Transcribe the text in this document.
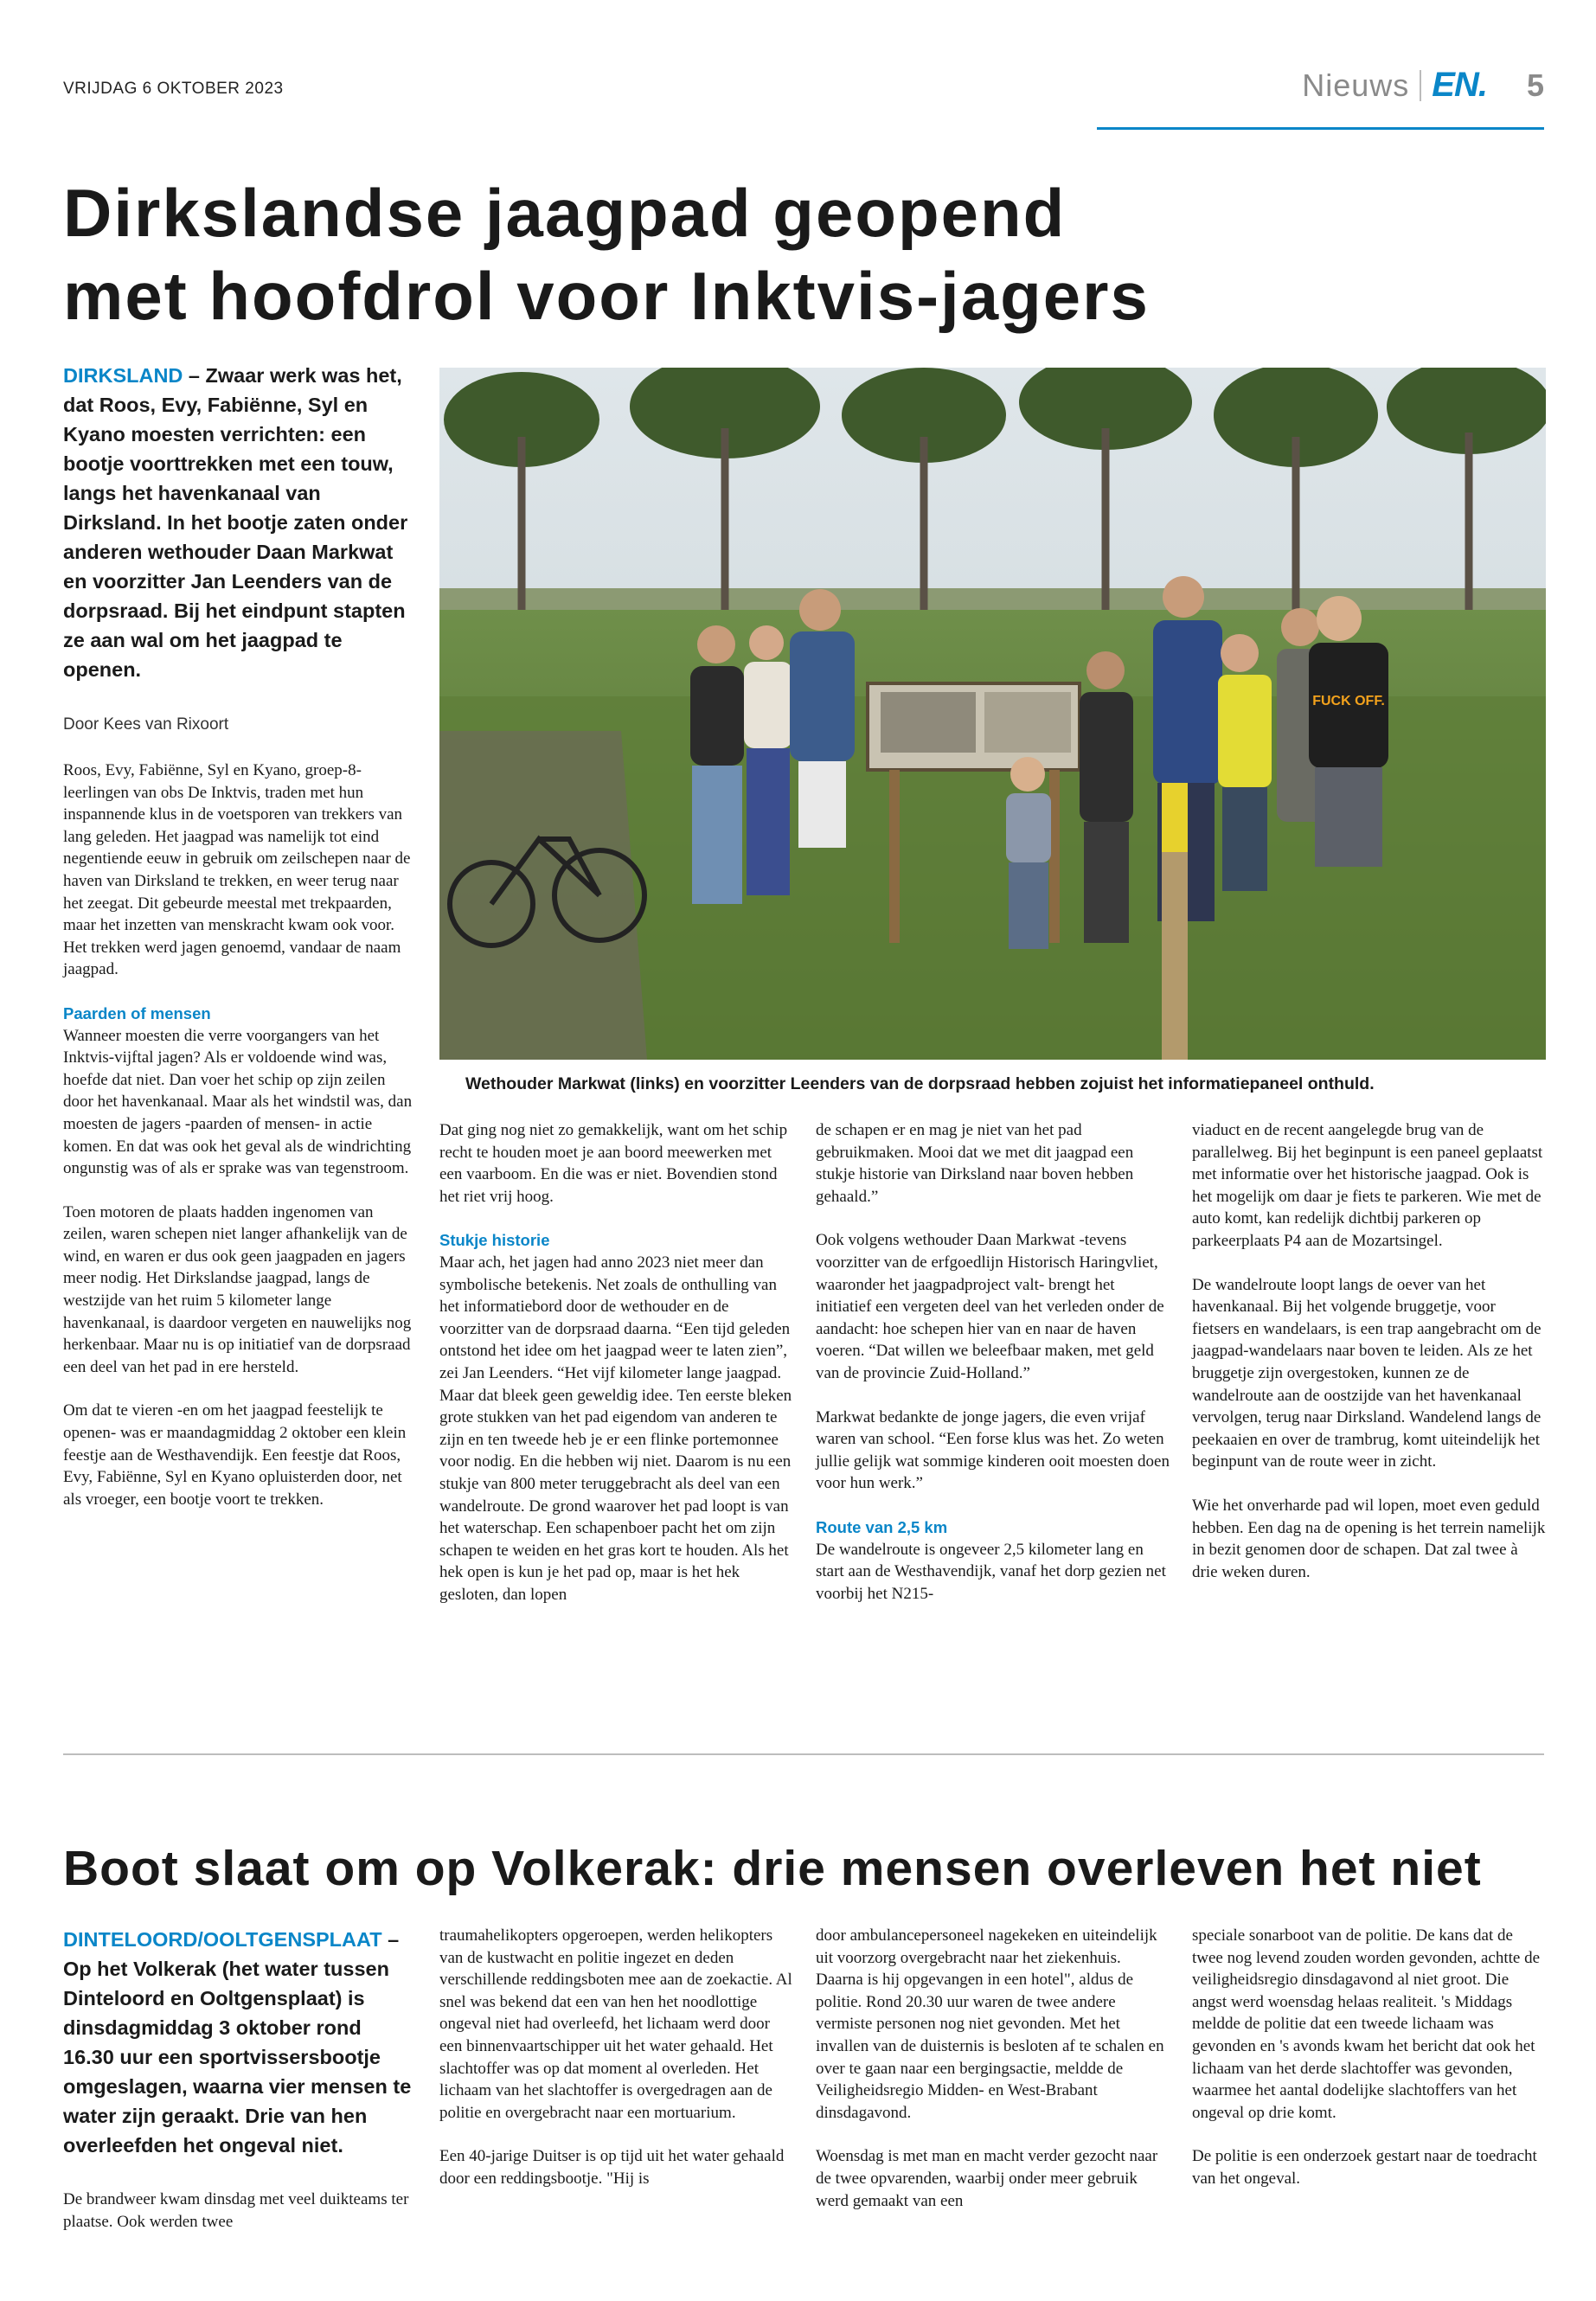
VRIJDAG 6 OKTOBER 2023	Nieuws EN. 5
Dirkslandse jaagpad geopend
met hoofdrol voor Inktvis-jagers
DIRKSLAND – Zwaar werk was het, dat Roos, Evy, Fabiënne, Syl en Kyano moesten verrichten: een bootje voorttrekken met een touw, langs het havenkanaal van Dirksland. In het bootje zaten onder anderen wethouder Daan Markwat en voorzitter Jan Leenders van de dorpsraad. Bij het eindpunt stapten ze aan wal om het jaagpad te openen.
Door Kees van Rixoort

Roos, Evy, Fabiënne, Syl en Kyano, groep-8-leerlingen van obs De Inktvis, traden met hun inspannende klus in de voetsporen van trekkers van lang geleden. Het jaagpad was namelijk tot eind negentiende eeuw in gebruik om zeilschepen naar de haven van Dirksland te trekken, en weer terug naar het zeegat. Dit gebeurde meestal met trekpaarden, maar het inzetten van menskracht kwam ook voor. Het trekken werd jagen genoemd, vandaar de naam jaagpad.

Paarden of mensen

Wanneer moesten die verre voorgangers van het Inktvis-vijftal jagen? Als er voldoende wind was, hoefde dat niet. Dan voer het schip op zijn zeilen door het havenkanaal. Maar als het windstil was, dan moesten de jagers -paarden of mensen- in actie komen. En dat was ook het geval als de windrichting ongunstig was of als er sprake was van tegenstroom.

Toen motoren de plaats hadden ingenomen van zeilen, waren schepen niet langer afhankelijk van de wind, en waren er dus ook geen jaagpaden en jagers meer nodig. Het Dirkslandse jaagpad, langs de westzijde van het ruim 5 kilometer lange havenkanaal, is daardoor vergeten en nauwelijks nog herkenbaar. Maar nu is op initiatief van de dorpsraad een deel van het pad in ere hersteld.

Om dat te vieren -en om het jaagpad feestelijk te openen- was er maandagmiddag 2 oktober een klein feestje aan de Westhavendijk. Een feestje dat Roos, Evy, Fabiënne, Syl en Kyano opluisterden door, net als vroeger, een bootje voort te trekken.

FUCK OFF.
Wethouder Markwat (links) en voorzitter Leenders van de dorpsraad hebben zojuist het informatiepaneel onthuld.

Dat ging nog niet zo gemakkelijk, want om het schip recht te houden moet je aan boord meewerken met een vaarboom. En die was er niet. Bovendien stond het riet vrij hoog.

Stukje historie

Maar ach, het jagen had anno 2023 niet meer dan symbolische betekenis. Net zoals de onthulling van het informatiebord door de wethouder en de voorzitter van de dorpsraad daarna. “Een tijd geleden ontstond het idee om het jaagpad weer te laten zien”, zei Jan Leenders. “Het vijf kilometer lange jaagpad. Maar dat bleek geen geweldig idee. Ten eerste bleken grote stukken van het pad eigendom van anderen te zijn en ten tweede heb je er een flinke portemonnee voor nodig. En die hebben wij niet. Daarom is nu een stukje van 800 meter teruggebracht als deel van een wandelroute. De grond waarover het pad loopt is van het waterschap. Een schapenboer pacht het om zijn schapen te weiden en het gras kort te houden. Als het hek open is kun je het pad op, maar is het hek gesloten, dan lopen

de schapen er en mag je niet van het pad gebruikmaken. Mooi dat we met dit jaagpad een stukje historie van Dirksland naar boven hebben gehaald.”

Ook volgens wethouder Daan Markwat -tevens voorzitter van de erfgoedlijn Historisch Haringvliet, waaronder het jaagpadproject valt- brengt het initiatief een vergeten deel van het verleden onder de aandacht: hoe schepen hier van en naar de haven voeren. “Dat willen we beleefbaar maken, met geld van de provincie Zuid-Holland.”

Markwat bedankte de jonge jagers, die even vrijaf waren van school. “Een forse klus was het. Zo weten jullie gelijk wat sommige kinderen ooit moesten doen voor hun werk.”

Route van 2,5 km

De wandelroute is ongeveer 2,5 kilometer lang en start aan de Westhavendijk, vanaf het dorp gezien net voorbij het N215-

viaduct en de recent aangelegde brug van de parallelweg. Bij het beginpunt is een paneel geplaatst met informatie over het historische jaagpad. Ook is het mogelijk om daar je fiets te parkeren. Wie met de auto komt, kan redelijk dichtbij parkeren op parkeerplaats P4 aan de Mozartsingel.

De wandelroute loopt langs de oever van het havenkanaal. Bij het volgende bruggetje, voor fietsers en wandelaars, is een trap aangebracht om de jaagpad-wandelaars naar boven te leiden. Als ze het bruggetje zijn overgestoken, kunnen ze de wandelroute aan de oostzijde van het havenkanaal vervolgen, terug naar Dirksland. Wandelend langs de peekaaien en over de trambrug, komt uiteindelijk het beginpunt van de route weer in zicht.

Wie het onverharde pad wil lopen, moet even geduld hebben. Een dag na de opening is het terrein namelijk in bezit genomen door de schapen. Dat zal twee à drie weken duren.

Boot slaat om op Volkerak: drie mensen overleven het niet
DINTELOORD/OOLTGENSPLAAT – Op het Volkerak (het water tussen Dinteloord en Ooltgensplaat) is dinsdagmiddag 3 oktober rond 16.30 uur een sportvissersbootje omgeslagen, waarna vier mensen te water zijn geraakt. Drie van hen overleefden het ongeval niet.

De brandweer kwam dinsdag met veel duikteams ter plaatse. Ook werden twee

traumahelikopters opgeroepen, werden helikopters van de kustwacht en politie ingezet en deden verschillende reddingsboten mee aan de zoekactie. Al snel was bekend dat een van hen het noodlottige ongeval niet had overleefd, het lichaam werd door een binnenvaartschipper uit het water gehaald. Het slachtoffer was op dat moment al overleden. Het lichaam van het slachtoffer is overgedragen aan de politie en overgebracht naar een mortuarium.

Een 40-jarige Duitser is op tijd uit het water gehaald door een reddingsbootje. "Hij is

door ambulancepersoneel nagekeken en uiteindelijk uit voorzorg overgebracht naar het ziekenhuis. Daarna is hij opgevangen in een hotel", aldus de politie. Rond 20.30 uur waren de twee andere vermiste personen nog niet gevonden. Met het invallen van de duisternis is besloten af te schalen en over te gaan naar een bergingsactie, meldde de Veiligheidsregio Midden- en West-Brabant dinsdagavond.

Woensdag is met man en macht verder gezocht naar de twee opvarenden, waarbij onder meer gebruik werd gemaakt van een

speciale sonarboot van de politie. De kans dat de twee nog levend zouden worden gevonden, achtte de veiligheidsregio dinsdagavond al niet groot. Die angst werd woensdag helaas realiteit. 's Middags meldde de politie dat een tweede lichaam was gevonden en 's avonds kwam het bericht dat ook het lichaam van het derde slachtoffer was gevonden, waarmee het aantal dodelijke slachtoffers van het ongeval op drie komt.

De politie is een onderzoek gestart naar de toedracht van het ongeval.
